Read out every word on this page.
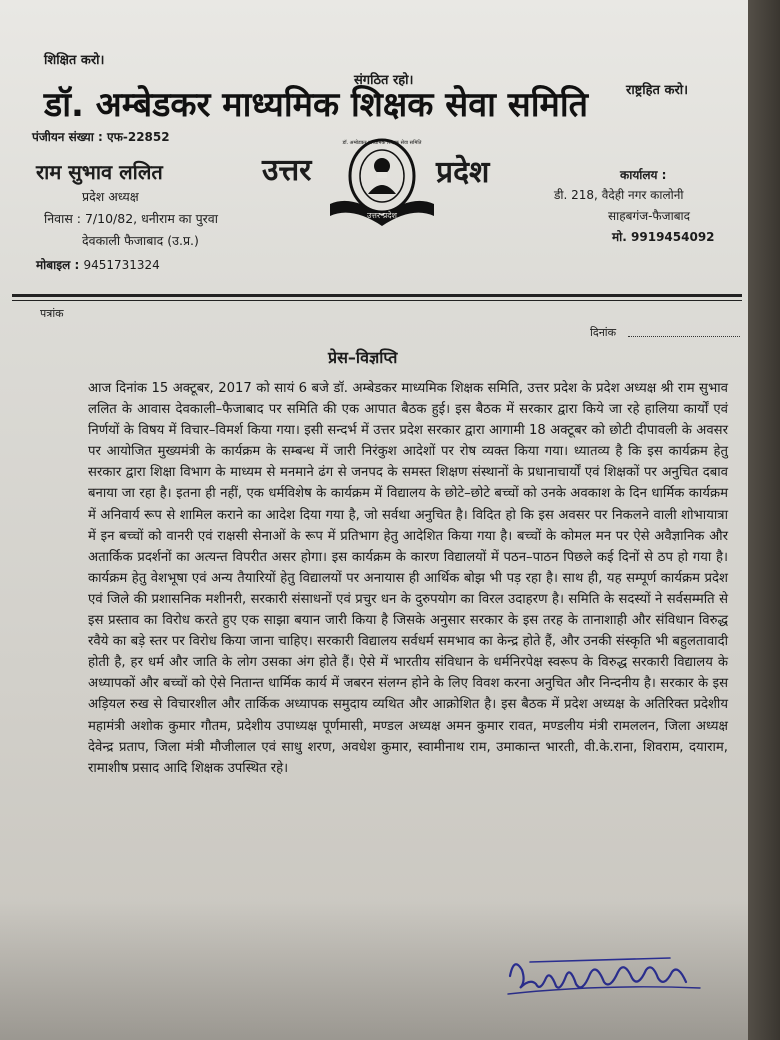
शिक्षित करो।
संगठित रहो।
राष्ट्रहित करो।
डॉ. अम्बेडकर माध्यमिक शिक्षक सेवा समिति
पंजीयन संख्या : एफ-22852
राम सुभाव ललित
प्रदेश अध्यक्ष
निवास : 7/10/82, धनीराम का पुरवा
देवकाली फैजाबाद (उ.प्र.)
मोबाइल : 9451731324
उत्तर	प्रदेश
उत्तर प्रदेश
डॉ. अम्बेडकर माध्यमिक शिक्षक सेवा समिति
कार्यालय :
डी. 218, वैदेही नगर कालोनी
साहबगंज-फैजाबाद
मो. 9919454092
पत्रांक
दिनांक
प्रेस–विज्ञप्ति

आज दिनांक 15 अक्टूबर, 2017 को सायं 6 बजे डॉ. अम्बेडकर माध्यमिक शिक्षक समिति, उत्तर प्रदेश के प्रदेश अध्यक्ष श्री राम सुभाव ललित के आवास देवकाली–फैजाबाद पर समिति की एक आपात बैठक हुई। इस बैठक में सरकार द्वारा किये जा रहे हालिया कार्यों एवं निर्णयों के विषय में विचार–विमर्श किया गया। इसी सन्दर्भ में उत्तर प्रदेश सरकार द्वारा आगामी 18 अक्टूबर को छोटी दीपावली के अवसर पर आयोजित मुख्यमंत्री के कार्यक्रम के सम्बन्ध में जारी निरंकुश आदेशों पर रोष व्यक्त किया गया। ध्यातव्य है कि इस कार्यक्रम हेतु सरकार द्वारा शिक्षा विभाग के माध्यम से मनमाने ढंग से जनपद के समस्त शिक्षण संस्थानों के प्रधानाचार्यों एवं शिक्षकों पर अनुचित दबाव बनाया जा रहा है। इतना ही नहीं, एक धर्मविशेष के कार्यक्रम में विद्यालय के छोटे–छोटे बच्चों को उनके अवकाश के दिन धार्मिक कार्यक्रम में अनिवार्य रूप से शामिल कराने का आदेश दिया गया है, जो सर्वथा अनुचित है। विदित हो कि इस अवसर पर निकलने वाली शोभायात्रा में इन बच्चों को वानरी एवं राक्षसी सेनाओं के रूप में प्रतिभाग हेतु आदेशित किया गया है। बच्चों के कोमल मन पर ऐसे अवैज्ञानिक और अतार्किक प्रदर्शनों का अत्यन्त विपरीत असर होगा। इस कार्यक्रम के कारण विद्यालयों में पठन–पाठन पिछले कई दिनों से ठप हो गया है। कार्यक्रम हेतु वेशभूषा एवं अन्य तैयारियों हेतु विद्यालयों पर अनायास ही आर्थिक बोझ भी पड़ रहा है। साथ ही, यह सम्पूर्ण कार्यक्रम प्रदेश एवं जिले की प्रशासनिक मशीनरी, सरकारी संसाधनों एवं प्रचुर धन के दुरुपयोग का विरल उदाहरण है। समिति के सदस्यों ने सर्वसम्मति से इस प्रस्ताव का विरोध करते हुए एक साझा बयान जारी किया है जिसके अनुसार सरकार के इस तरह के तानाशाही और संविधान विरुद्ध रवैये का बड़े स्तर पर विरोध किया जाना चाहिए। सरकारी विद्यालय सर्वधर्म समभाव का केन्द्र होते हैं, और उनकी संस्कृति भी बहुलतावादी होती है, हर धर्म और जाति के लोग उसका अंग होते हैं। ऐसे में भारतीय संविधान के धर्मनिरपेक्ष स्वरूप के विरुद्ध सरकारी विद्यालय के अध्यापकों और बच्चों को ऐसे नितान्त धार्मिक कार्य में जबरन संलग्न होने के लिए विवश करना अनुचित और निन्दनीय है। सरकार के इस अड़ियल रुख से विचारशील और तार्किक अध्यापक समुदाय व्यथित और आक्रोशित है। इस बैठक में प्रदेश अध्यक्ष के अतिरिक्त प्रदेशीय महामंत्री अशोक कुमार गौतम, प्रदेशीय उपाध्यक्ष पूर्णमासी, मण्डल अध्यक्ष अमन कुमार रावत, मण्डलीय मंत्री रामललन, जिला अध्यक्ष देवेन्द्र प्रताप, जिला मंत्री मौजीलाल एवं साधु शरण, अवधेश कुमार, स्वामीनाथ राम, उमाकान्त भारती, वी.के.राना, शिवराम, दयाराम, रामाशीष प्रसाद आदि शिक्षक उपस्थित रहे।
